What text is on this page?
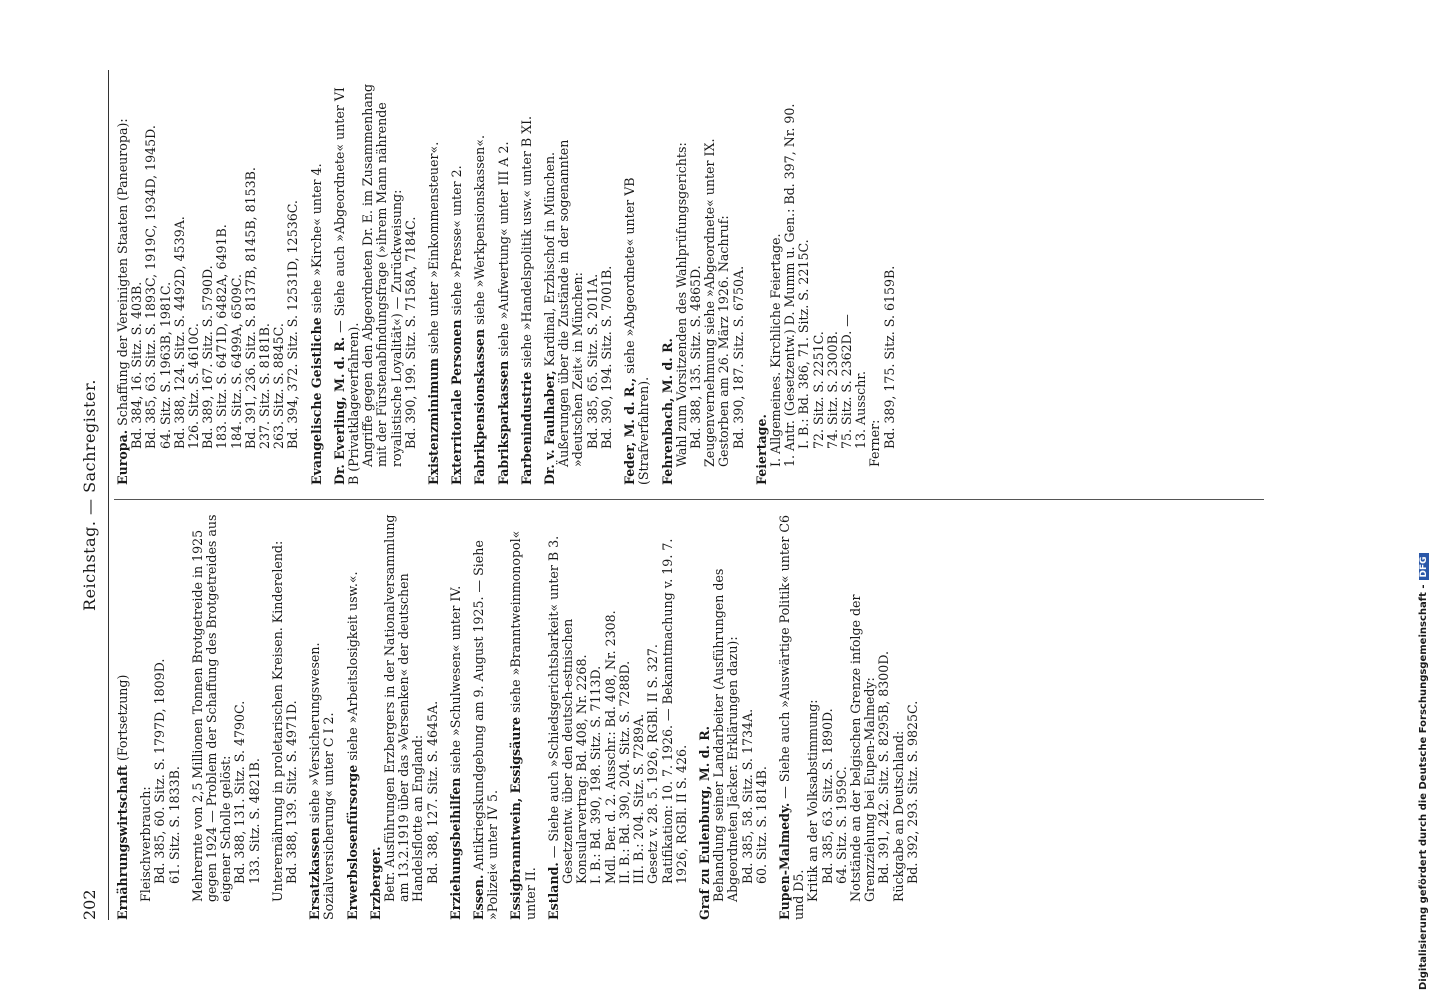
202
Reichstag. — Sachregister.
Ernährungswirtschaft (Fortsetzung)
Fleischverbrauch: Bd. 385, 60. Sitz. S. 1797D, 1809D. 61. Sitz. S. 1833B. Mehrernte von 2,5 Millionen Tonnen Brotgetreide in 1925 gegen 1924 — Problem der Schaffung des Brotgetreides aus eigener Scholle gelöst: Bd. 388, 131. Sitz. S. 4790C. 133. Sitz. S. 4821B. Unterernährung in proletarischen Kreisen. Kinderelend: Bd. 388, 139. Sitz. S. 4971D. Ersatzkassen siehe »Versicherungswesen. Sozialversicherung« unter C I 2. Erwerbslosenfürsorge siehe »Arbeitslosigkeit usw.«.
Erzberger. Betr. Ausführungen Erzbergers in der Nationalversammlung am 13.2.1919 über das »Versenken« der deutschen Handelsflotte an England: Bd. 388, 127. Sitz. S. 4645A. Erziehungsbeihilfen siehe »Schulwesen« unter IV.
Essen. Antikriegskundgebung am 9. August 1925. — Siehe »Polizei« unter IV 5. Essigbranntwein, Essigsäure siehe »Branntweinmonopol« unter II. Estland. — Siehe auch »Schiedsgerichtsbarkeit« unter B 3. Gesetzentw. über den deutsch-estnischen Konsularvertrag: Bd. 408, Nr. 2268. I. B.: Bd. 390, 198. Sitz. S. 7113D. Mdl. Ber. d. 2. Ausschr.: Bd. 408, Nr. 2308. II. B.: Bd. 390, 204. Sitz. S. 7288D. III. B.: 204. Sitz. S. 7289A. Gesetz v. 28. 5. 1926, RGBl. II S. 327. Ratifikation: 10. 7. 1926. — Bekanntmachung v. 19. 7. 1926, RGBl. II S. 426. Graf zu Eulenburg, M. d. R. Behandlung seiner Landarbeiter (Ausführungen des Abgeordneten Jäcker. Erklärungen dazu): Bd. 385, 58. Sitz. S. 1734A. 60. Sitz. S. 1814B. Eupen-Malmedy. — Siehe auch »Auswärtige Politik« unter C6 und D5. Kritik an der Volksabstimmung: Bd. 385, 63. Sitz. S. 1890D. 64. Sitz. S. 1959C. Notstände an der belgischen Grenze infolge der Grenzziehung bei Eupen-Malmedy: Bd. 391, 242. Sitz. S. 8295B, 8300D. Rückgabe an Deutschland: Bd. 392, 293. Sitz. S. 9825C.
Europa. Schaffung der Vereinigten Staaten (Paneuropa): Bd. 384, 16. Sitz. S. 403B. Bd. 385, 63. Sitz. S. 1893C, 1919C, 1934D, 1945D. 64. Sitz. S. 1963B, 1981C. Bd. 388, 124. Sitz. S. 4492D, 4539A. 126. Sitz. S. 4610C. Bd. 389, 167. Sitz. S. 5790D. 183. Sitz. S. 6471D, 6482A, 6491B. 184. Sitz. S. 6499A, 6509C. Bd. 391, 236. Sitz. S. 8137B, 8145B, 8153B. 237. Sitz. S. 8181B. 263. Sitz. S. 8845C. Bd. 394, 372. Sitz. S. 12531D, 12536C. Evangelische Geistliche siehe »Kirche« unter 4.
Dr. Everling, M. d. R. — Siehe auch »Abgeordnete« unter VI B (Privatklageverfahren). Angriffe gegen den Abgeordneten Dr. E. im Zusammenhang mit der Fürstenabfindungsfrage (»ihrem Mann nährende royalistische Loyalität«) — Zurückweisung: Bd. 390, 199. Sitz. S. 7158A, 7184C. Existenzminimum siehe unter »Einkommensteuer«.
Exterritoriale Personen siehe »Presse« unter 2.
Fabrikpensionskassen siehe »Werkpensionskassen«.
Fabriksparkassen siehe »Aufwertung« unter III A 2.
Farbenindustrie siehe »Handelspolitik usw.« unter B XI.
Dr. v. Faulhaber, Kardinal, Erzbischof in München. Äußerungen über die Zustände in der sogenannten »deutschen Zeit« in München: Bd. 385, 65. Sitz. S. 2011A. Bd. 390, 194. Sitz. S. 7001B. Feder, M. d. R., siehe »Abgeordnete« unter VB (Strafverfahren). Fehrenbach, M. d. R. Wahl zum Vorsitzenden des Wahlprüfungsgerichts: Bd. 388, 135. Sitz. S. 4865D. Zeugenvernehmung siehe »Abgeordnete« unter IX. Gestorben am 26. März 1926. Nachruf: Bd. 390, 187. Sitz. S. 6750A.
Feiertage. I. Allgemeines. Kirchliche Feiertage. 1. Antr. (Gesetzentw.) D. Mumm u. Gen.: Bd. 397, Nr. 90. I. B.: Bd. 386, 71. Sitz. S. 2215C. 72. Sitz. S. 2251C. 74. Sitz. S. 2300B. 75. Sitz. S. 2362D. — 13. Ausschr. Ferner: Bd. 389, 175. Sitz. S. 6159B.
Digitalisierung gefördert durch die Deutsche Forschungsgemeinschaft -DFG
